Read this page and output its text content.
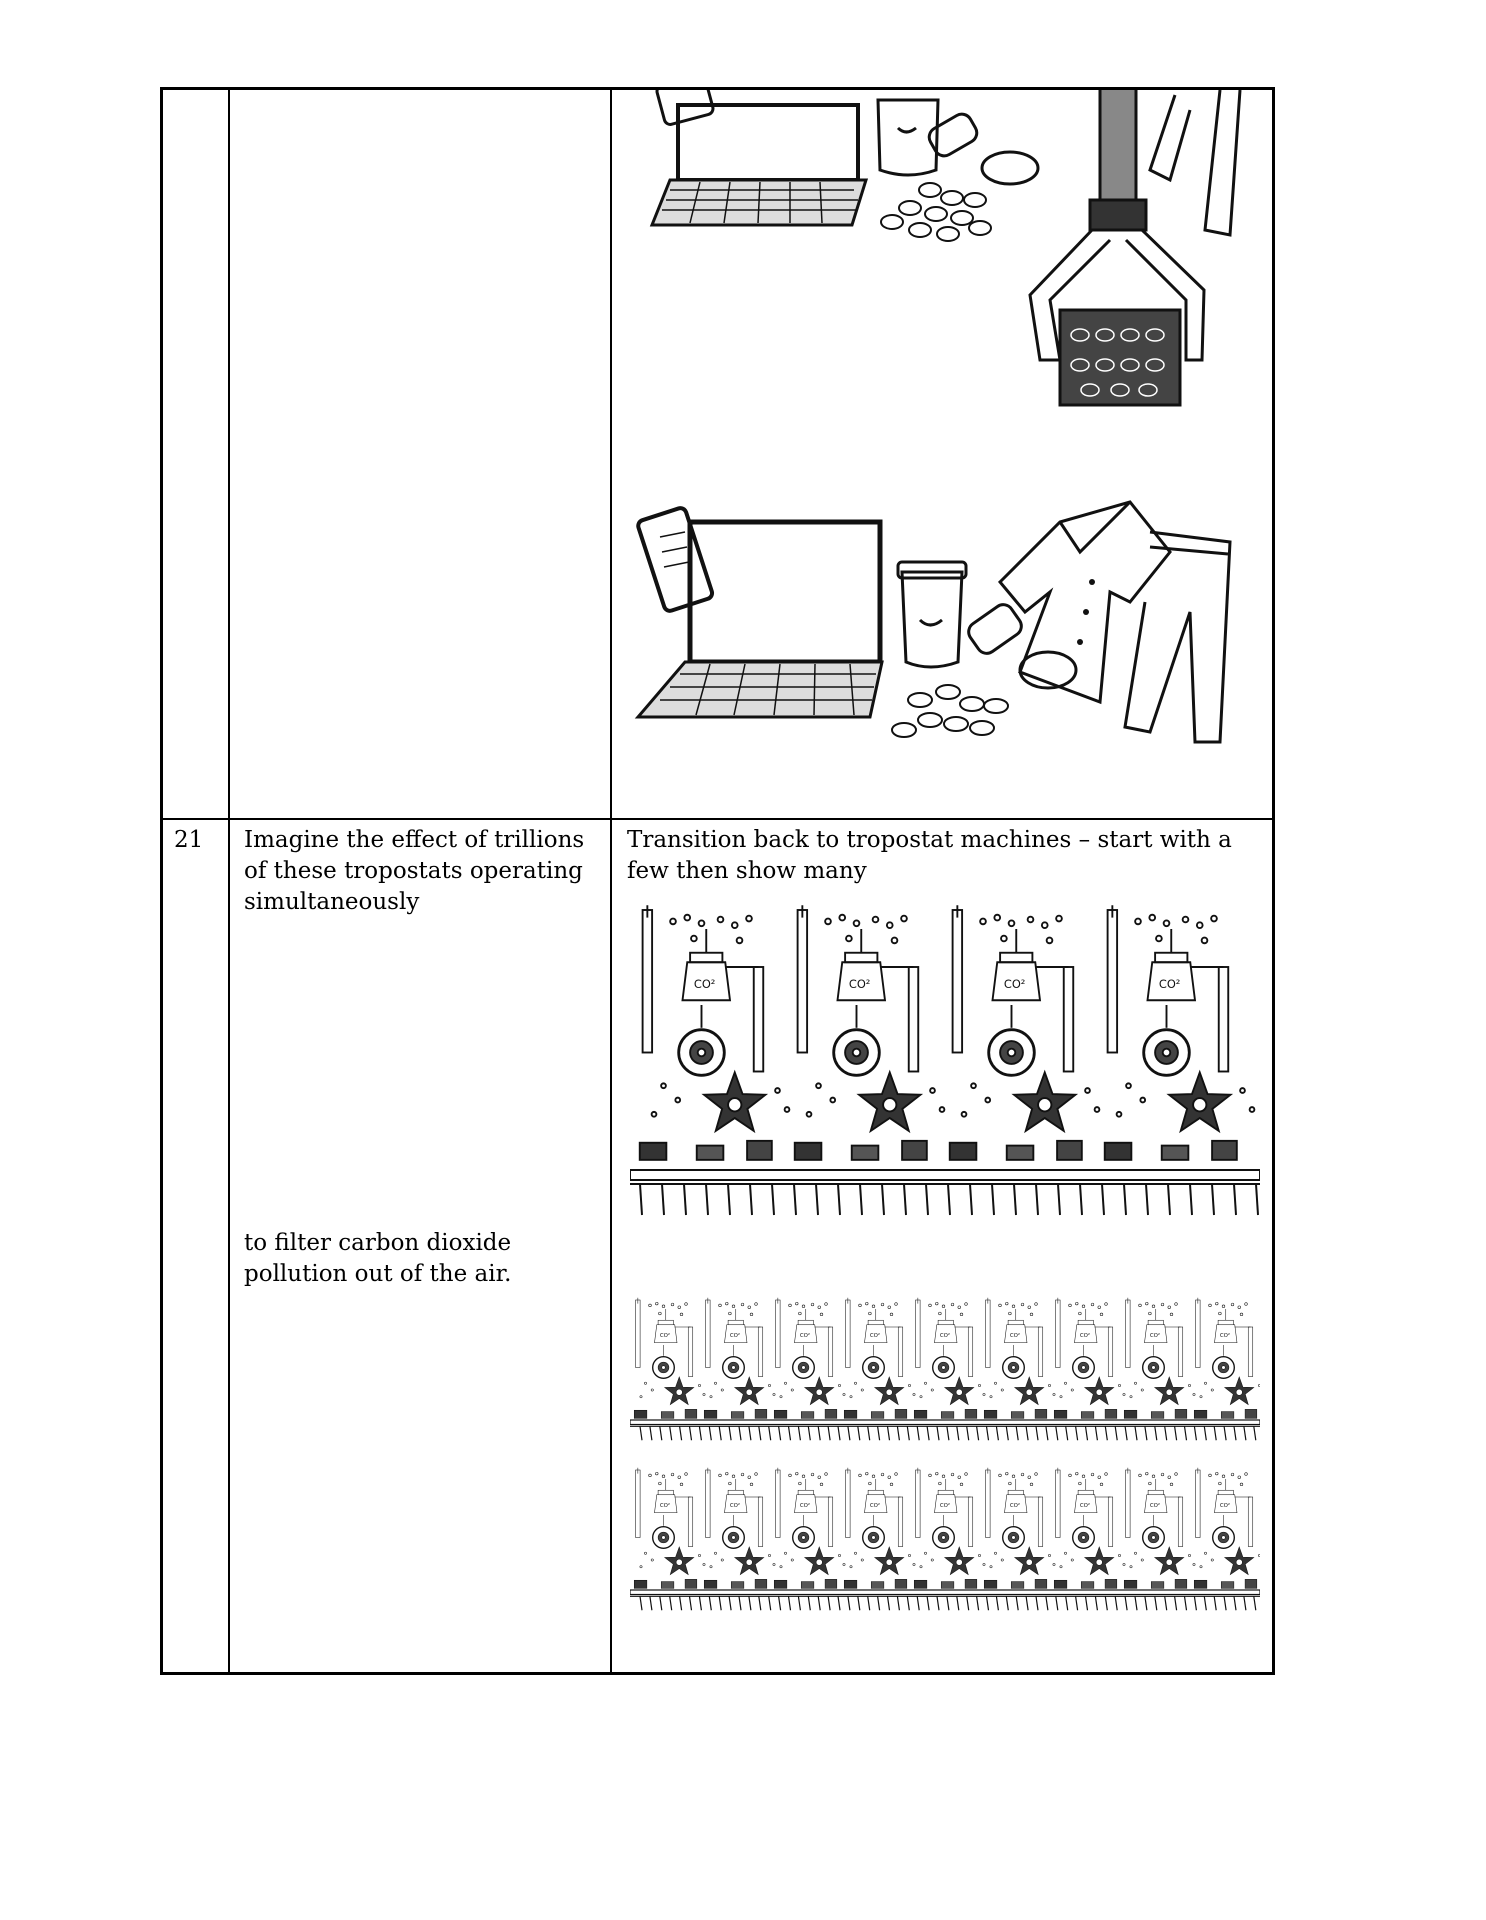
21 Imagine the effect of trillions of these tropostats operating simultaneously
to filter carbon dioxide pollution out of the air.
Transition back to tropostat machines – start with a few then show many
CO²	CO²	CO²	CO²
CO²	CO²	CO²	CO²	CO²	CO²	CO²	CO²	CO²
CO²	CO²	CO²	CO²	CO²	CO²	CO²	CO²	CO²
